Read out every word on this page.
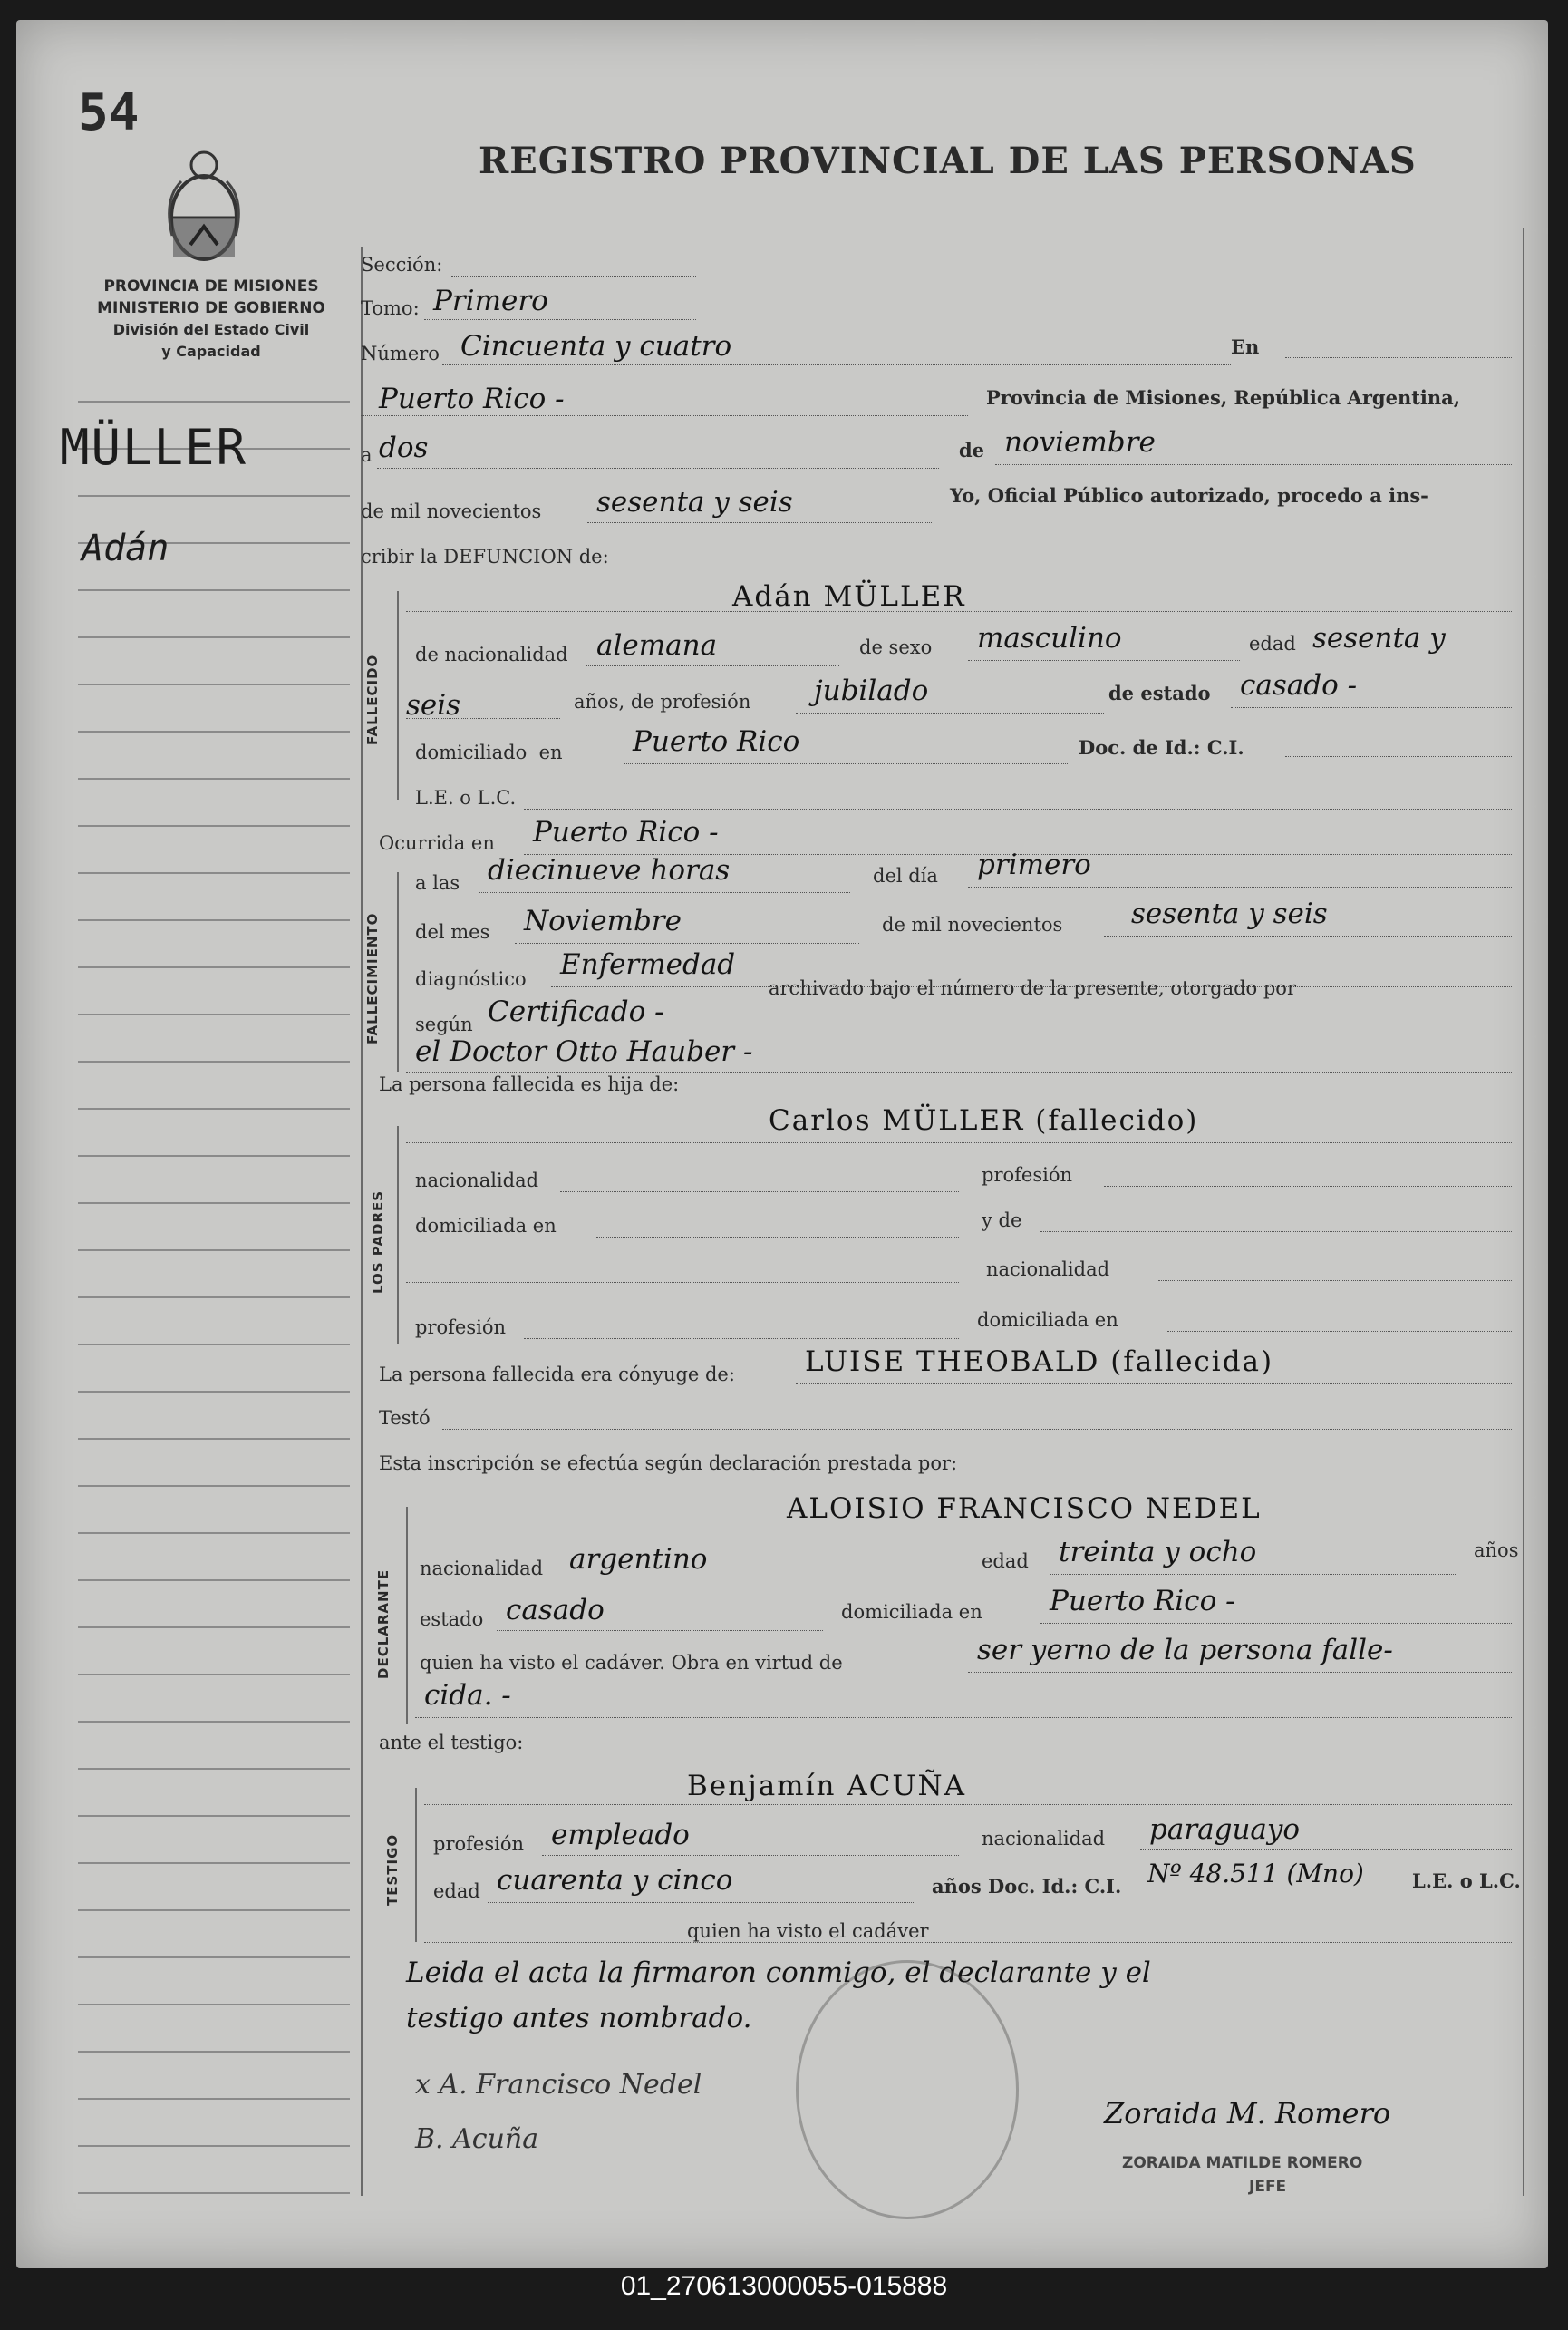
54
REGISTRO PROVINCIAL DE LAS PERSONAS
PROVINCIA DE MISIONES
MINISTERIO DE GOBIERNO
División del Estado Civil
y Capacidad
MÜLLER
Adán
Sección:
Tomo: Primero
Número Cincuenta y cuatro	En
Puerto Rico -	Provincia de Misiones, República Argentina,
a dos	de noviembre
de mil novecientos sesenta y seis	Yo, Oficial Público autorizado, procedo a ins-
cribir la DEFUNCION de:
FALLECIDO
Adán MÜLLER
de nacionalidad alemana	de sexo masculino	edad sesenta y
seis	años, de profesión jubilado	de estado casado -
domiciliado en Puerto Rico	Doc. de Id.: C.I.
L.E. o L.C.
Ocurrida en Puerto Rico -
FALLECIMIENTO
a las diecinueve horas	del día primero
del mes Noviembre	de mil novecientos sesenta y seis
diagnóstico Enfermedad
según Certificado -
archivado bajo el número de la presente, otorgado por
el Doctor Otto Hauber -
La persona fallecida es hija de:
LOS PADRES
Carlos MÜLLER (fallecido)
nacionalidad	profesión
domiciliada en	y de
nacionalidad
profesión	domiciliada en
La persona fallecida era cónyuge de: LUISE THEOBALD (fallecida)
Testó
Esta inscripción se efectúa según declaración prestada por:
DECLARANTE
ALOISIO FRANCISCO NEDEL
nacionalidad argentino	edad treinta y ocho	años
estado casado	domiciliada en Puerto Rico -
quien ha visto el cadáver. Obra en virtud de	ser yerno de la persona falle-
cida. -
ante el testigo:
TESTIGO
Benjamín ACUÑA
profesión empleado	nacionalidad paraguayo
edad cuarenta y cinco	años Doc. Id.: C.I. Nº 48.511 (Mno)	L.E. o L.C.
quien ha visto el cadáver
Leida el acta la firmaron conmigo, el declarante y el
testigo antes nombrado.
x A. Francisco Nedel
B. Acuña
Zoraida M. Romero
ZORAIDA MATILDE ROMERO
JEFE
01_270613000055-015888
